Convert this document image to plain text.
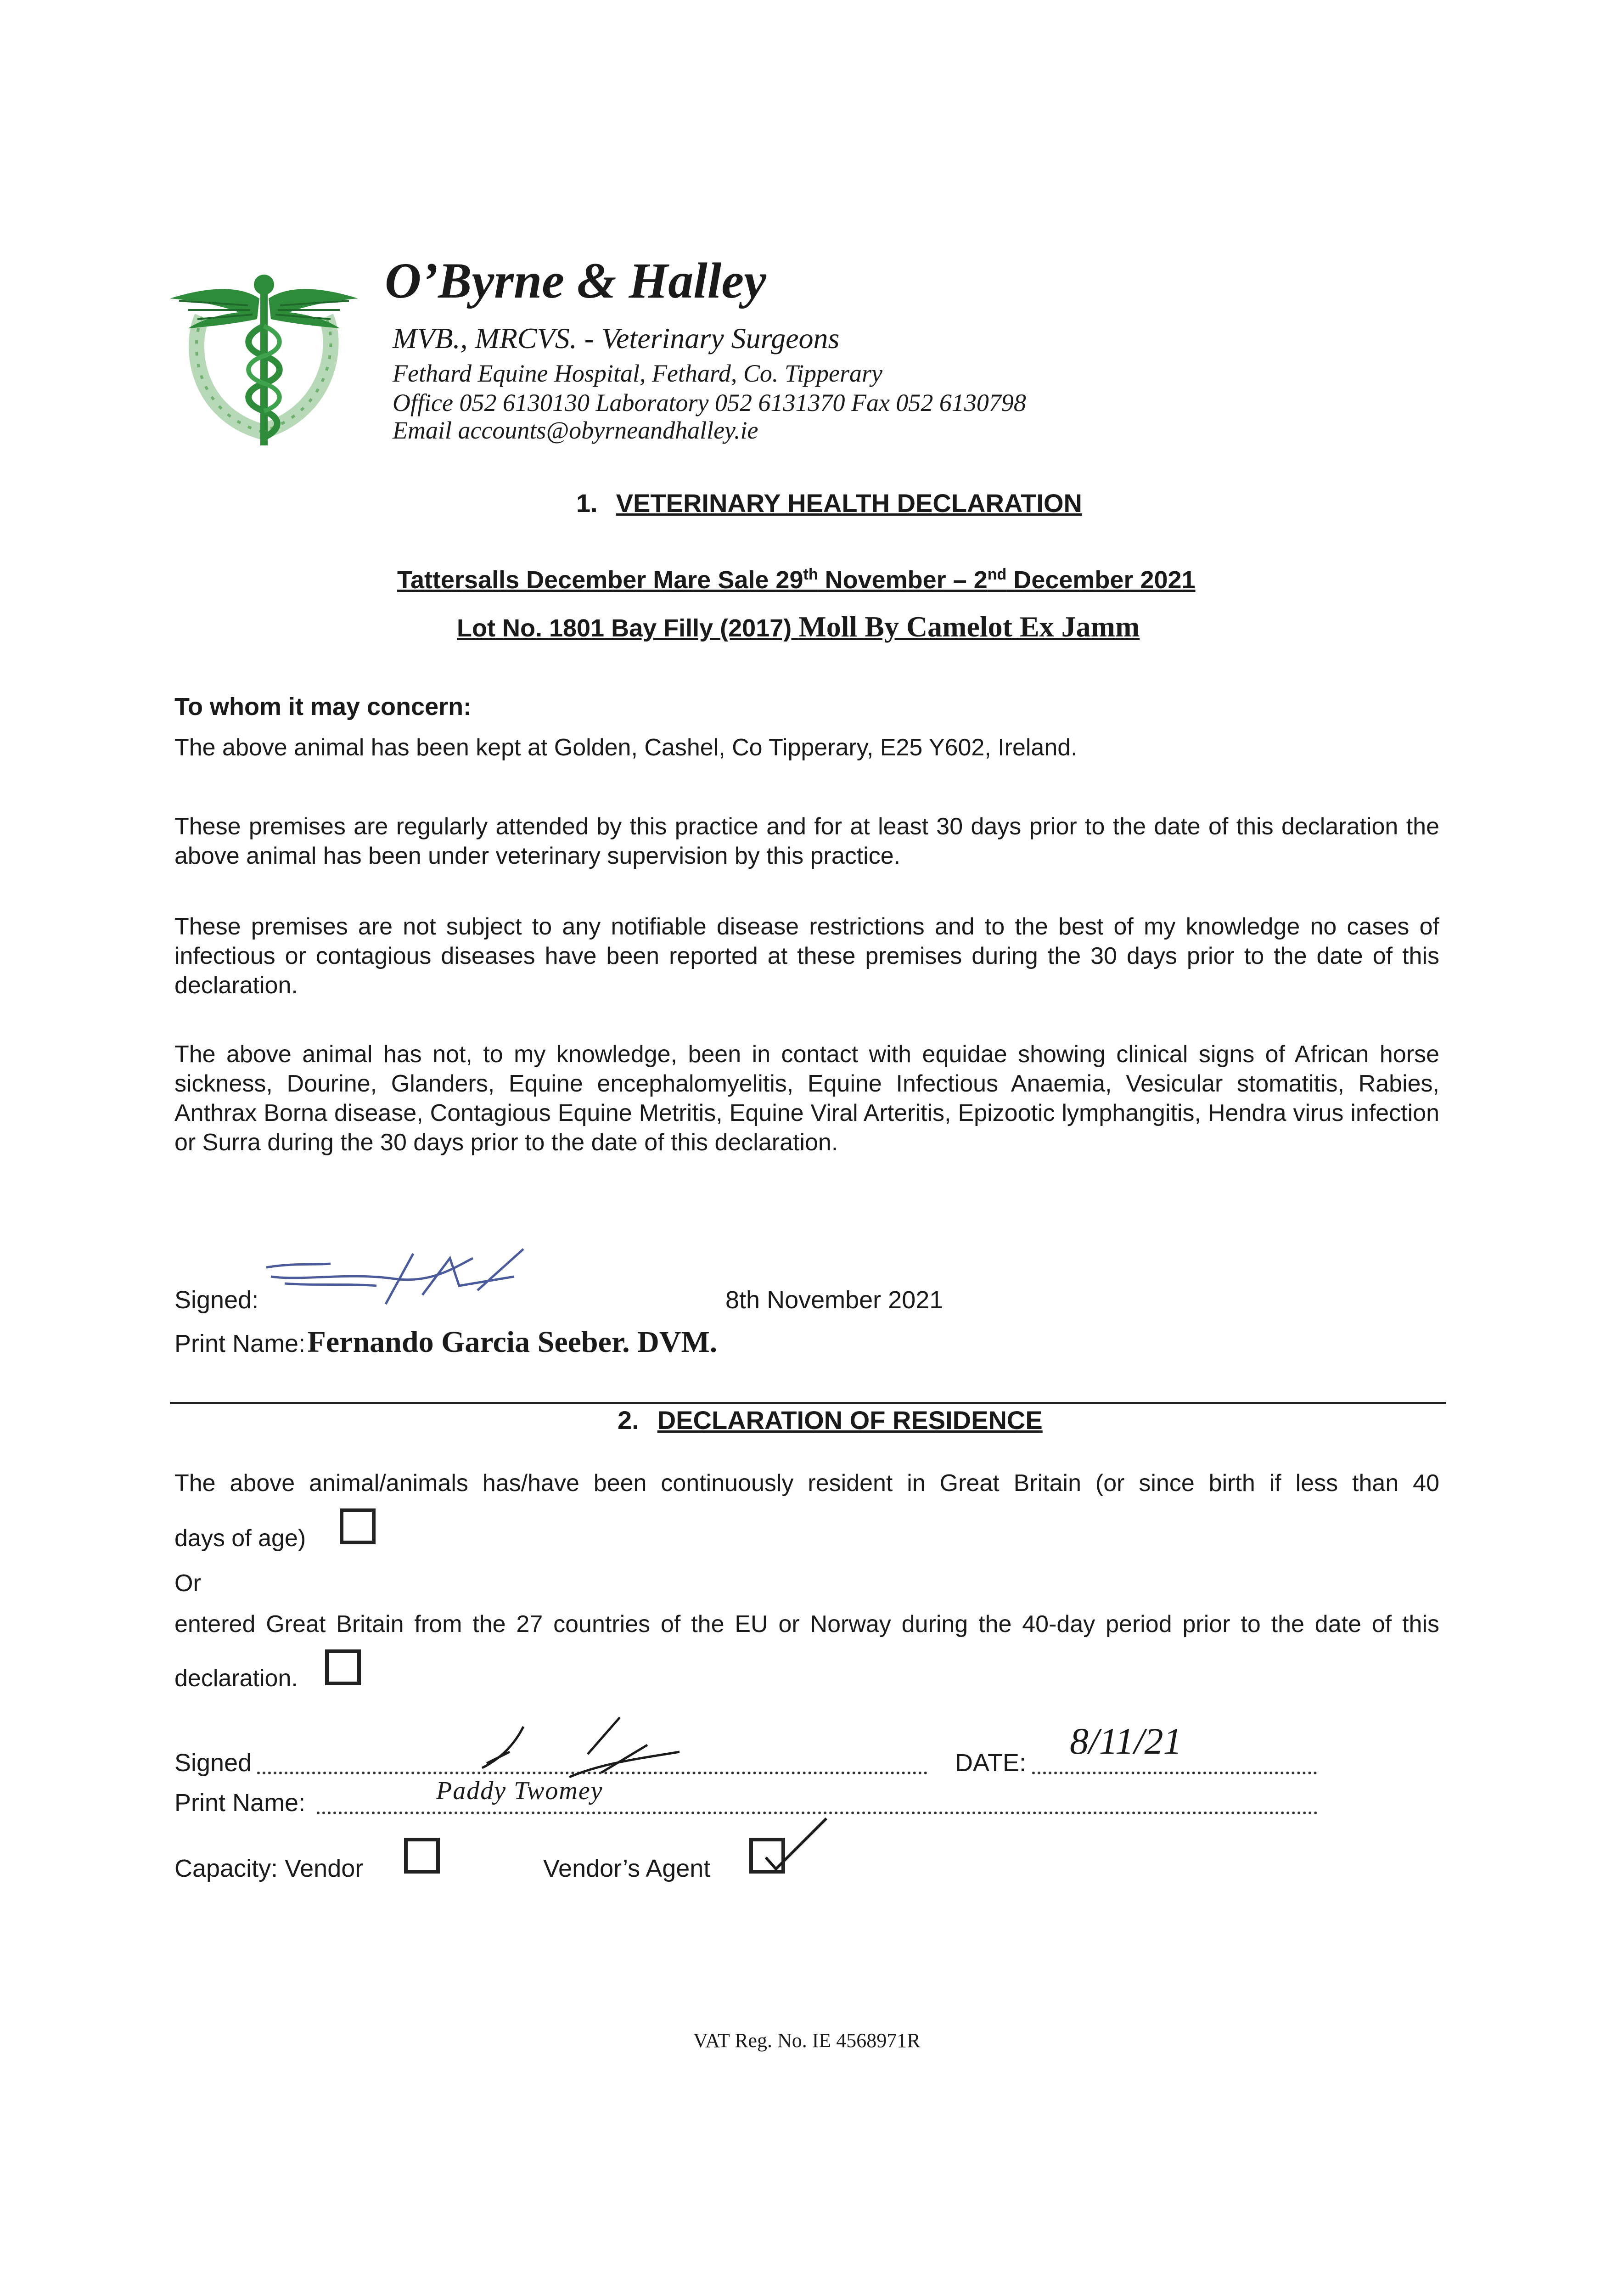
O’Byrne & Halley
MVB., MRCVS. - Veterinary Surgeons
Fethard Equine Hospital, Fethard, Co. Tipperary
Office 052 6130130 Laboratory 052 6131370 Fax 052 6130798
Email accounts@obyrneandhalley.ie
1. VETERINARY HEALTH DECLARATION
Tattersalls December Mare Sale 29th November – 2nd December 2021
Lot No. 1801 Bay Filly (2017) Moll By Camelot Ex Jamm
To whom it may concern:
The above animal has been kept at Golden, Cashel, Co Tipperary, E25 Y602, Ireland.
These premises are regularly attended by this practice and for at least 30 days prior to the date of this declaration the above animal has been under veterinary supervision by this practice.
These premises are not subject to any notifiable disease restrictions and to the best of my knowledge no cases of infectious or contagious diseases have been reported at these premises during the 30 days prior to the date of this declaration.
The above animal has not, to my knowledge, been in contact with equidae showing clinical signs of African horse sickness, Dourine, Glanders, Equine encephalomyelitis, Equine Infectious Anaemia, Vesicular stomatitis, Rabies, Anthrax Borna disease, Contagious Equine Metritis, Equine Viral Arteritis, Epizootic lymphangitis, Hendra virus infection or Surra during the 30 days prior to the date of this declaration.
Signed:	8th November 2021
Print Name: Fernando Garcia Seeber. DVM.
2. DECLARATION OF RESIDENCE
The above animal/animals has/have been continuously resident in Great Britain (or since birth if less than 40
days of age)
Or
entered Great Britain from the 27 countries of the EU or Norway during the 40-day period prior to the date of this
declaration.
Signed	DATE:
8/11/21
Print Name:	Paddy Twomey
Capacity: Vendor	Vendor’s Agent
VAT Reg. No. IE 4568971R
